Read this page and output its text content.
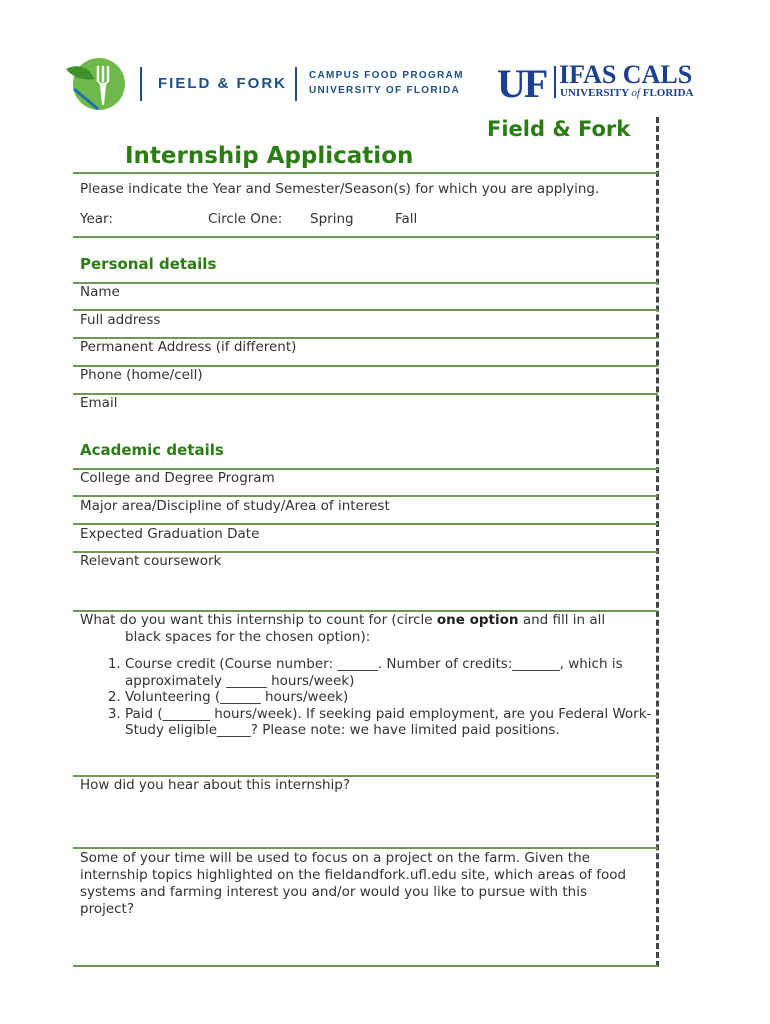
FIELD & FORK CAMPUS FOOD PROGRAM
UNIVERSITY OF FLORIDA UF IFAS CALS
UNIVERSITY of FLORIDA
Field & Fork
Internship Application
Please indicate the Year and Semester/Season(s) for which you are applying.
Year:	Circle One: Spring	Fall
Personal details
Name
Full address
Permanent Address (if different)
Phone (home/cell)
Email
Academic details
College and Degree Program
Major area/Discipline of study/Area of interest
Expected Graduation Date
Relevant coursework
What do you want this internship to count for (circle one option and fill in all
black spaces for the chosen option):
1. Course credit (Course number: ______. Number of credits:_______, which is approximately ______ hours/week)
2. Volunteering (______ hours/week)
3. Paid (_______ hours/week). If seeking paid employment, are you Federal Work-Study eligible_____? Please note: we have limited paid positions.
How did you hear about this internship?
Some of your time will be used to focus on a project on the farm. Given the internship topics highlighted on the fieldandfork.ufl.edu site, which areas of food systems and farming interest you and/or would you like to pursue with this project?
